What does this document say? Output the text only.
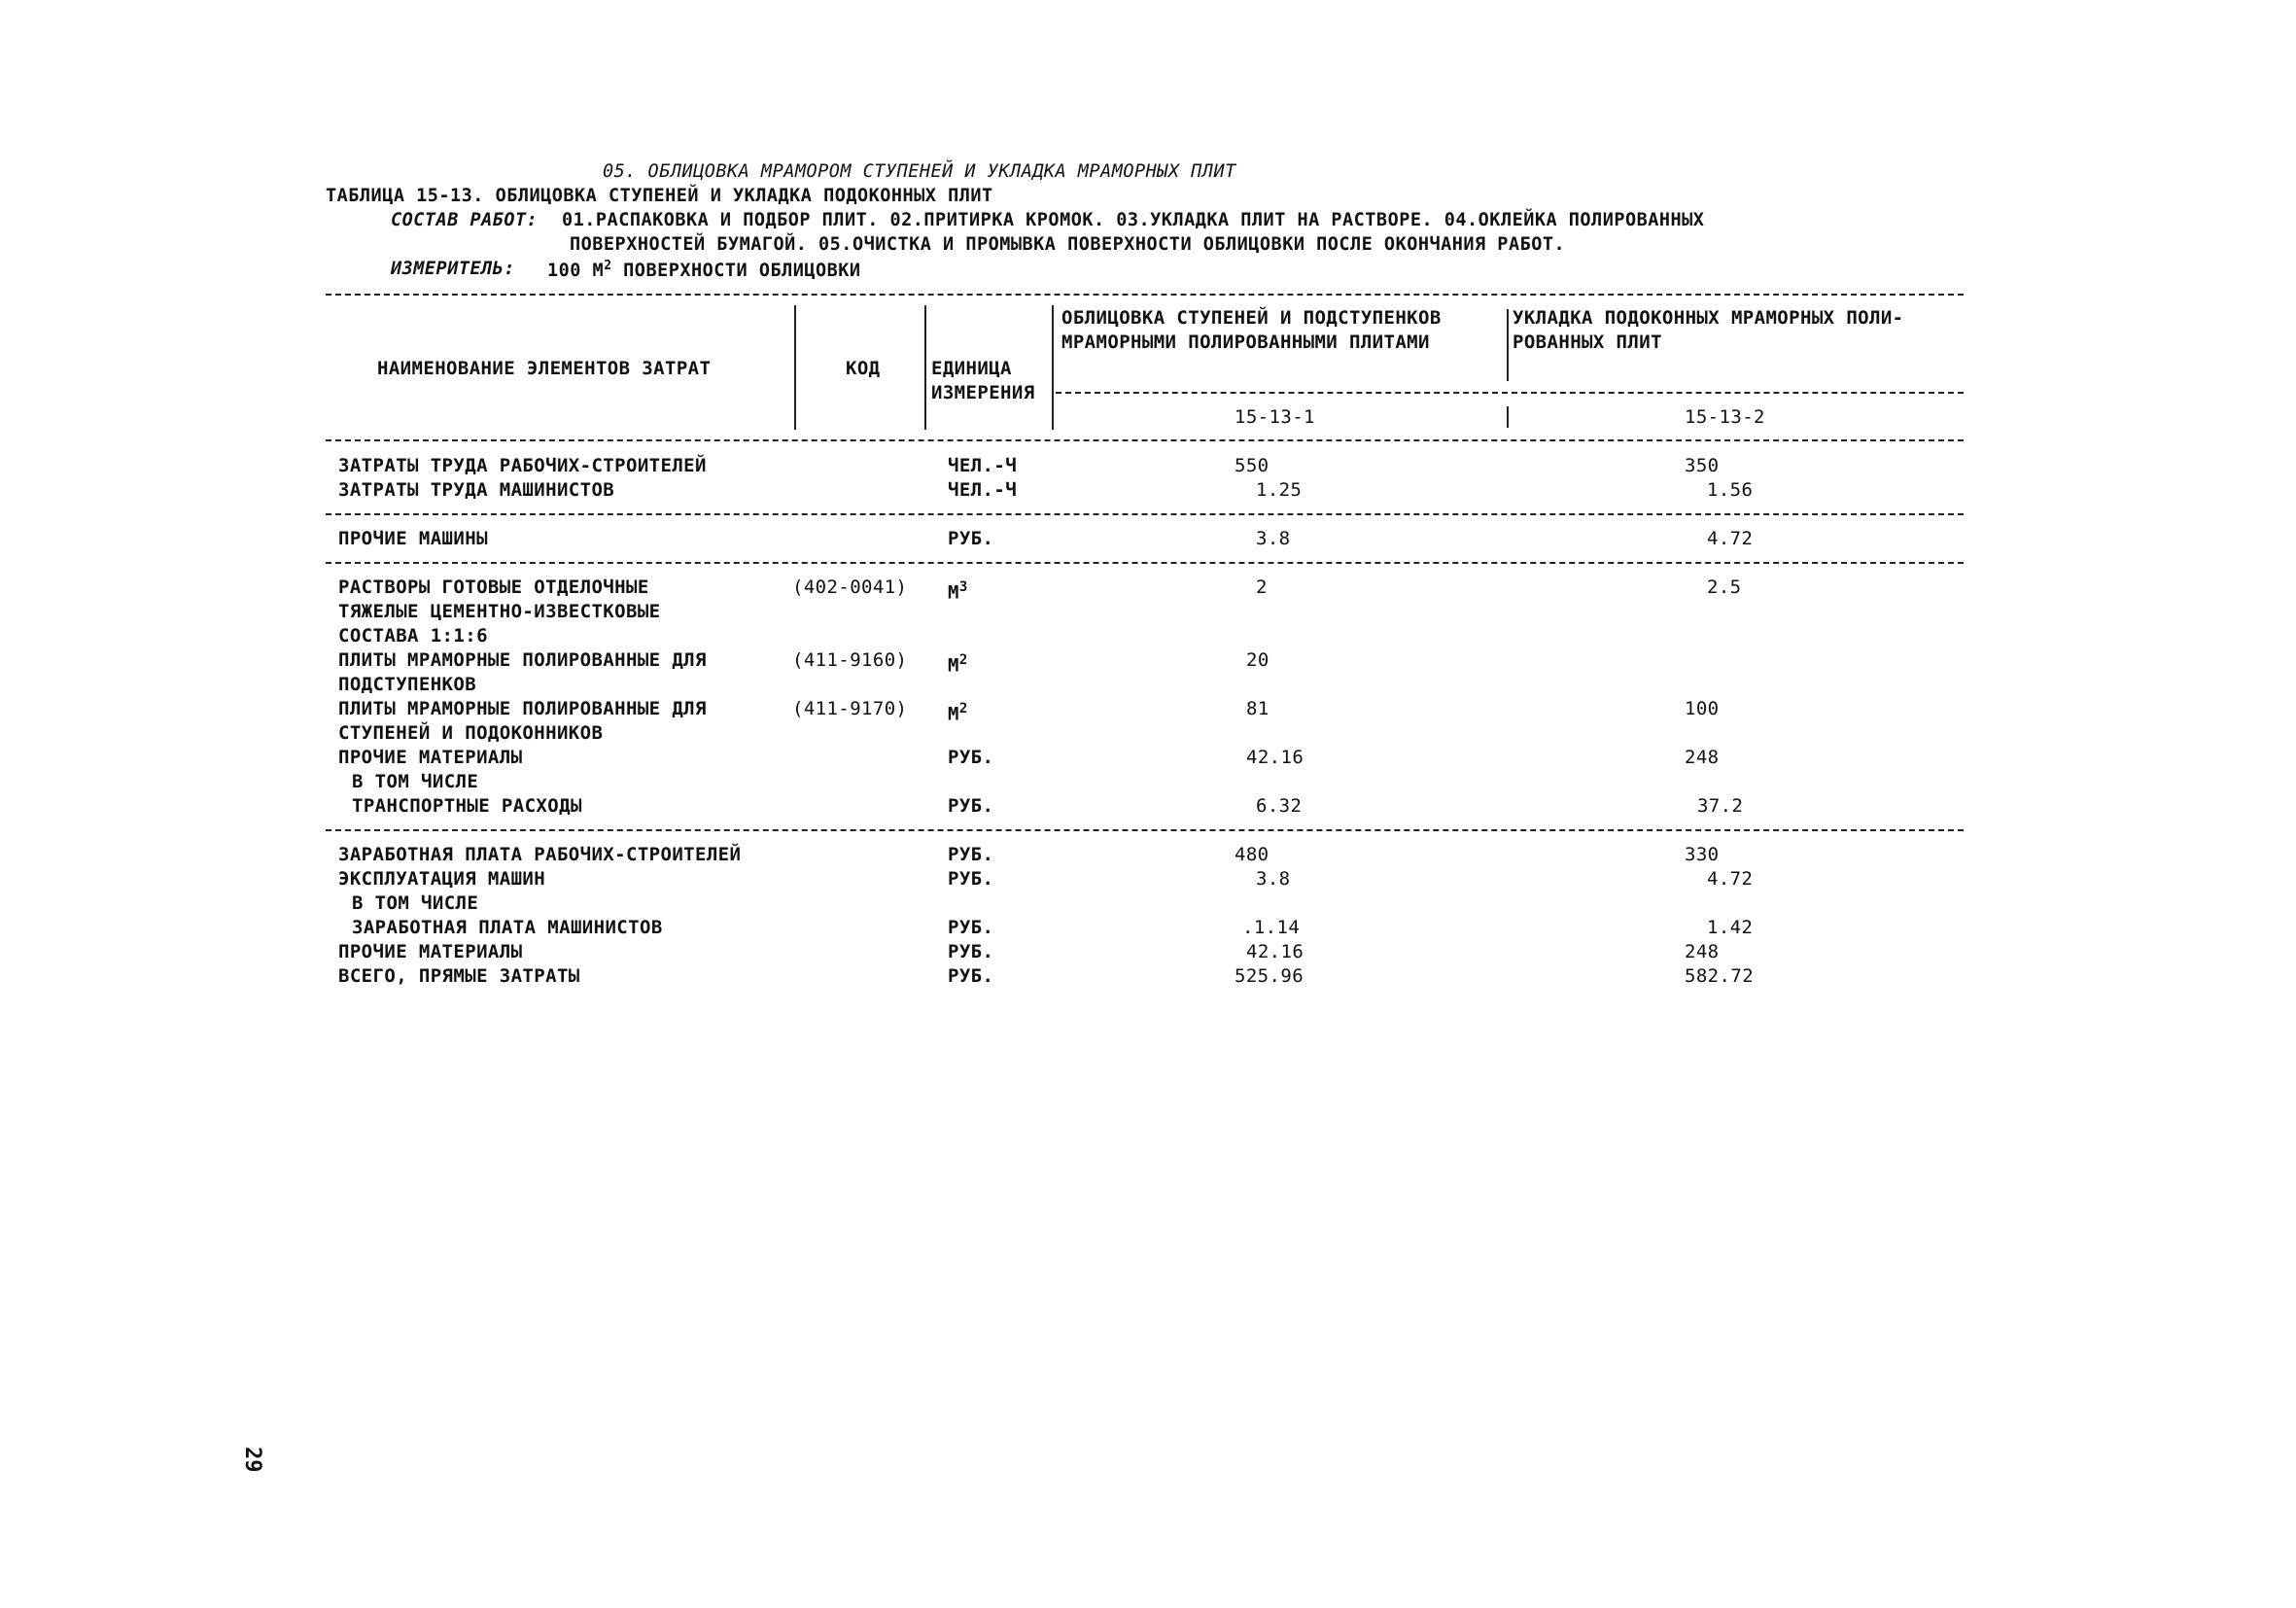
05. ОБЛИЦОВКА МРАМОРОМ СТУПЕНЕЙ И УКЛАДКА МРАМОРНЫХ ПЛИТ
ТАБЛИЦА 15-13. ОБЛИЦОВКА СТУПЕНЕЙ И УКЛАДКА ПОДОКОННЫХ ПЛИТ
СОСТАВ РАБОТ: 01.РАСПАКОВКА И ПОДБОР ПЛИТ. 02.ПРИТИРКА КРОМОК. 03.УКЛАДКА ПЛИТ НА РАСТВОРЕ. 04.ОКЛЕЙКА ПОЛИРОВАННЫХ
ПОВЕРХНОСТЕЙ БУМАГОЙ. 05.ОЧИСТКА И ПРОМЫВКА ПОВЕРХНОСТИ ОБЛИЦОВКИ ПОСЛЕ ОКОНЧАНИЯ РАБОТ.
ИЗМЕРИТЕЛЬ: 100 $М^2$ ПОВЕРХНОСТИ ОБЛИЦОВКИ
НАИМЕНОВАНИЕ ЭЛЕМЕНТОВ ЗАТРАТ	КОД	ЕДИНИЦА
ИЗМЕРЕНИЯ
ОБЛИЦОВКА СТУПЕНЕЙ И ПОДСТУПЕНКОВ
МРАМОРНЫМИ ПОЛИРОВАННЫМИ ПЛИТАМИ
УКЛАДКА ПОДОКОННЫХ МРАМОРНЫХ ПОЛИ-
РОВАННЫХ ПЛИТ
15-13-1	15-13-2
ЗАТРАТЫ ТРУДА РАБОЧИХ-СТРОИТЕЛЕЙ	ЧЕЛ.-Ч	550	350
ЗАТРАТЫ ТРУДА МАШИНИСТОВ	ЧЕЛ.-Ч	1.25	1.56
ПРОЧИЕ МАШИНЫ	РУБ.	3.8	4.72
РАСТВОРЫ ГОТОВЫЕ ОТДЕЛОЧНЫЕ
ТЯЖЕЛЫЕ ЦЕМЕНТНО-ИЗВЕСТКОВЫЕ
СОСТАВА 1:1:6
(402-0041) $М^3$	2	2.5
ПЛИТЫ МРАМОРНЫЕ ПОЛИРОВАННЫЕ ДЛЯ
ПОДСТУПЕНКОВ
(411-9160) $М^2$	20
ПЛИТЫ МРАМОРНЫЕ ПОЛИРОВАННЫЕ ДЛЯ
СТУПЕНЕЙ И ПОДОКОННИКОВ
(411-9170) $М^2$	81	100
ПРОЧИЕ МАТЕРИАЛЫ	РУБ.	42.16	248
В ТОМ ЧИСЛЕ
ТРАНСПОРТНЫЕ РАСХОДЫ	РУБ.	6.32	37.2
ЗАРАБОТНАЯ ПЛАТА РАБОЧИХ-СТРОИТЕЛЕЙ	РУБ.	480	330
ЭКСПЛУАТАЦИЯ МАШИН	РУБ.	3.8	4.72
В ТОМ ЧИСЛЕ
ЗАРАБОТНАЯ ПЛАТА МАШИНИСТОВ	РУБ.	.1.14	1.42
ПРОЧИЕ МАТЕРИАЛЫ	РУБ.	42.16	248
ВСЕГО, ПРЯМЫЕ ЗАТРАТЫ	РУБ.	525.96	582.72
29
